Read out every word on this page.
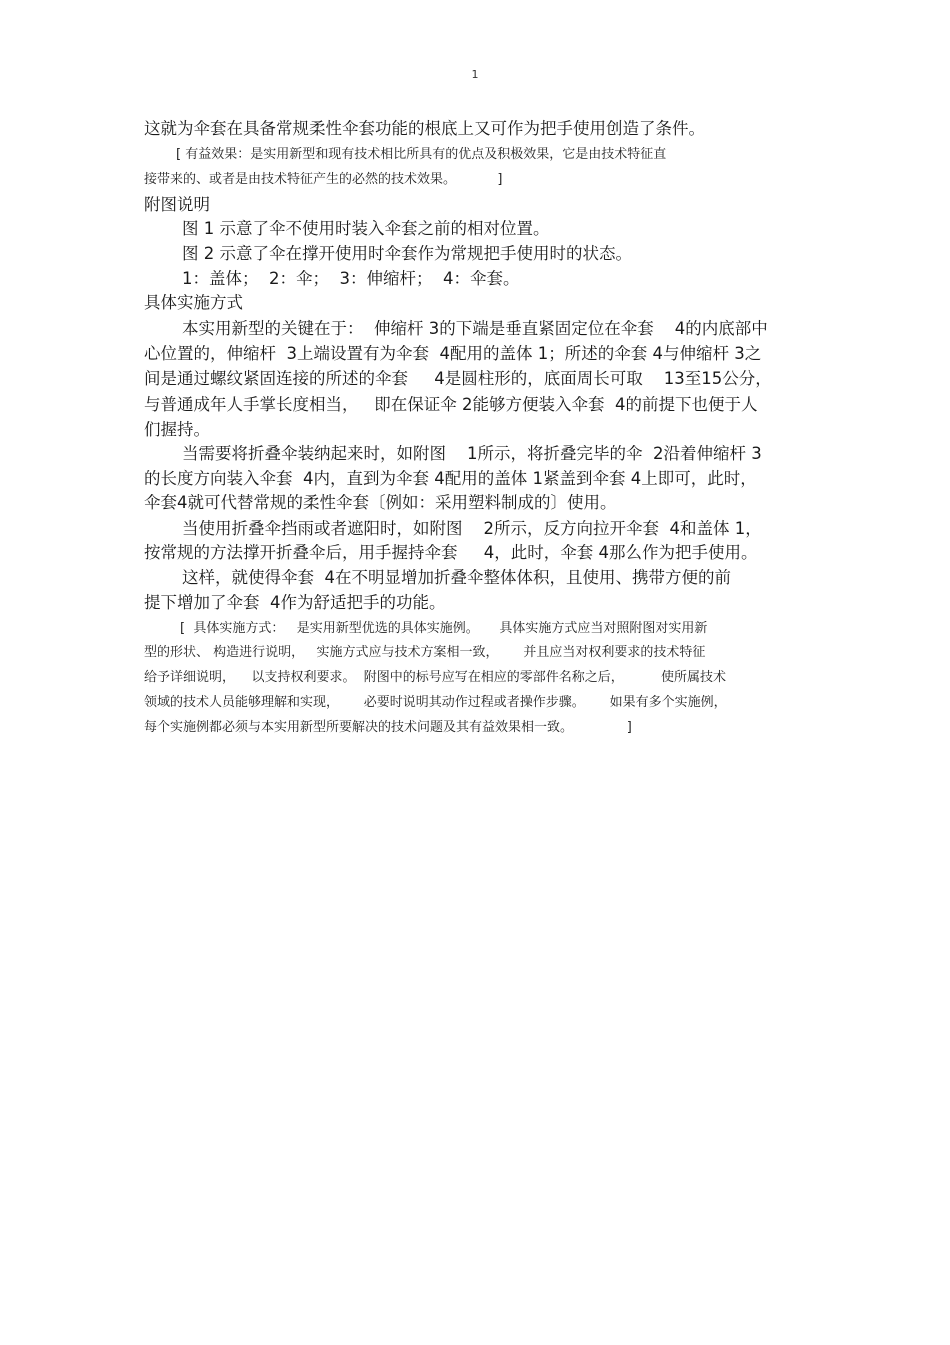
1
这就为伞套在具备常规柔性伞套功能的根底上又可作为把手使用创造了条件。
[ 有益效果：是实用新型和现有技术相比所具有的优点及积极效果，它是由技术特征直
接带来的、或者是由技术特征产生的必然的技术效果。          ]
附图说明
图 1 示意了伞不使用时装入伞套之前的相对位置。
图 2 示意了伞在撑开使用时伞套作为常规把手使用时的状态。
1：盖体；  2：伞；  3：伸缩杆；  4：伞套。
具体实施方式
本实用新型的关键在于：  伸缩杆 3的下端是垂直紧固定位在伞套    4的内底部中
心位置的，伸缩杆  3上端设置有为伞套  4配用的盖体 1；所述的伞套 4与伸缩杆 3之
间是通过螺纹紧固连接的所述的伞套     4是圆柱形的，底面周长可取    13至15公分，
与普通成年人手掌长度相当，   即在保证伞 2能够方便装入伞套  4的前提下也便于人
们握持。
当需要将折叠伞装纳起来时，如附图    1所示，将折叠完毕的伞  2沿着伸缩杆 3
的长度方向装入伞套  4内，直到为伞套 4配用的盖体 1紧盖到伞套 4上即可，此时，
伞套4就可代替常规的柔性伞套〔例如：采用塑料制成的〕使用。
当使用折叠伞挡雨或者遮阳时，如附图    2所示，反方向拉开伞套  4和盖体 1，
按常规的方法撑开折叠伞后，用手握持伞套     4，此时，伞套 4那么作为把手使用。
这样，就使得伞套  4在不明显增加折叠伞整体体积，且使用、携带方便的前
提下增加了伞套  4作为舒适把手的功能。
[  具体实施方式：   是实用新型优选的具体实施例。     具体实施方式应当对照附图对实用新
型的形状、 构造进行说明，   实施方式应与技术方案相一致，      并且应当对权利要求的技术特征
给予详细说明，    以支持权利要求。  附图中的标号应写在相应的零部件名称之后，         使所属技术
领域的技术人员能够理解和实现，      必要时说明其动作过程或者操作步骤。      如果有多个实施例，
每个实施例都必须与本实用新型所要解决的技术问题及其有益效果相一致。             ]
